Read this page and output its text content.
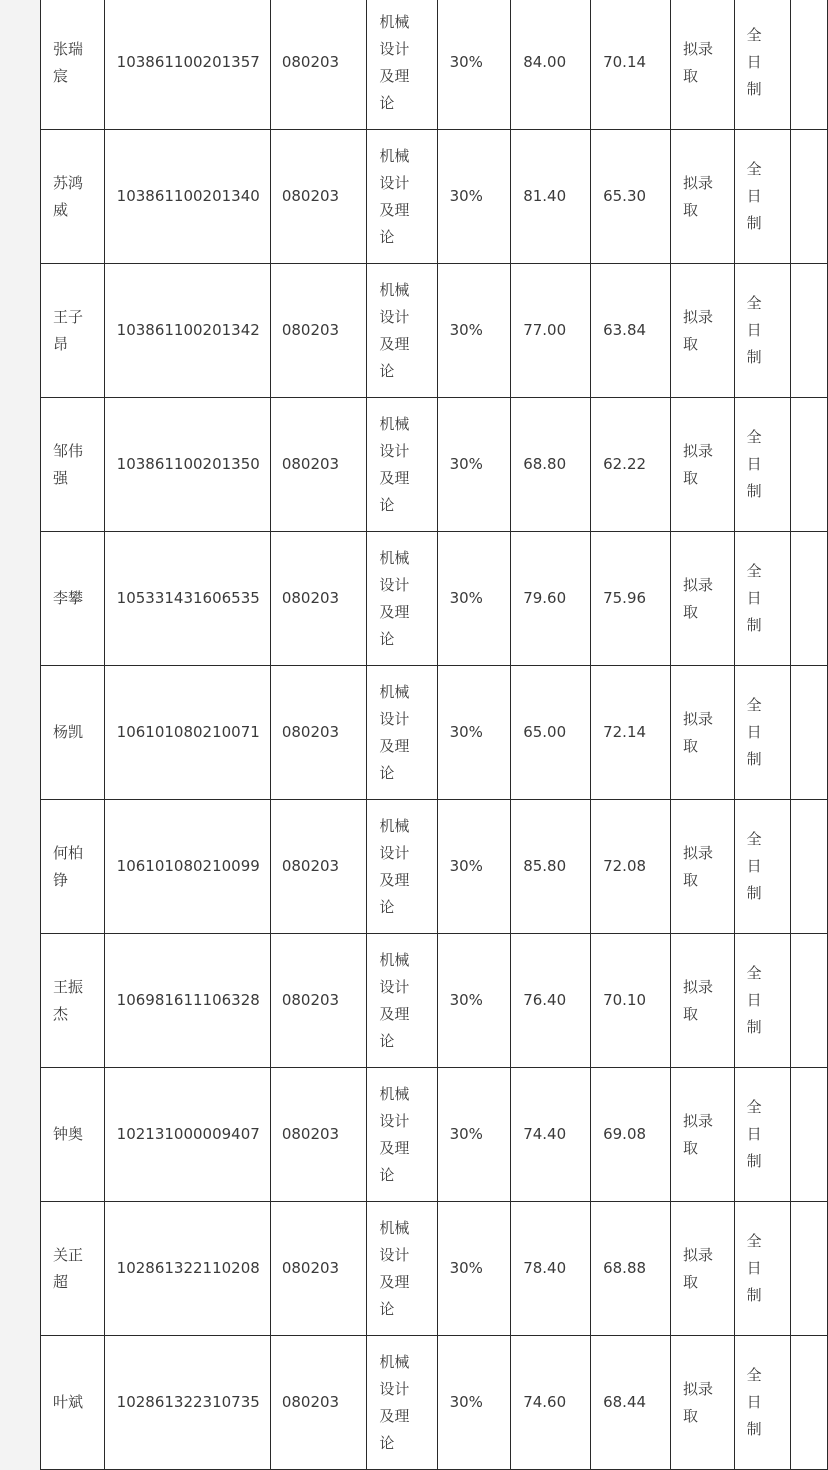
张瑞宸	103861100201357	080203	机械设计及理论	30%	84.00	70.14	拟录取	全日制	

苏鸿威	103861100201340	080203	机械设计及理论	30%	81.40	65.30	拟录取	全日制	

王子昂	103861100201342	080203	机械设计及理论	30%	77.00	63.84	拟录取	全日制	

邹伟强	103861100201350	080203	机械设计及理论	30%	68.80	62.22	拟录取	全日制	

李攀	105331431606535	080203	机械设计及理论	30%	79.60	75.96	拟录取	全日制	

杨凯	106101080210071	080203	机械设计及理论	30%	65.00	72.14	拟录取	全日制	

何柏铮	106101080210099	080203	机械设计及理论	30%	85.80	72.08	拟录取	全日制	

王振杰	106981611106328	080203	机械设计及理论	30%	76.40	70.10	拟录取	全日制	

钟奥	102131000009407	080203	机械设计及理论	30%	74.40	69.08	拟录取	全日制	

关正超	102861322110208	080203	机械设计及理论	30%	78.40	68.88	拟录取	全日制	

叶斌	102861322310735	080203	机械设计及理论	30%	74.60	68.44	拟录取	全日制	
